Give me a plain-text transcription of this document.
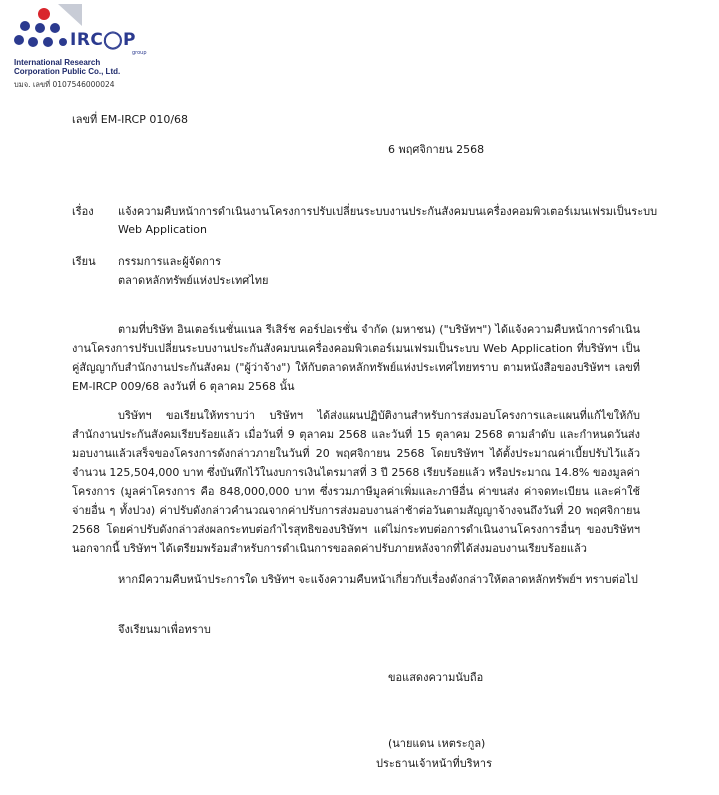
IRC◯P
group
International Research
Corporation Public Co., Ltd.
บมจ. เลขที่ 0107546000024
เลขที่ EM-IRCP 010/68
6 พฤศจิกายน 2568
เรื่อง แจ้งความคืบหน้าการดำเนินงานโครงการปรับเปลี่ยนระบบงานประกันสังคมบนเครื่องคอมพิวเตอร์เมนเฟรมเป็นระบบ
Web Application
เรียน กรรมการและผู้จัดการ
ตลาดหลักทรัพย์แห่งประเทศไทย
ตามที่บริษัท อินเตอร์เนชั่นแนล รีเสิร์ช คอร์ปอเรชั่น จำกัด (มหาชน) ("บริษัทฯ") ได้แจ้งความคืบหน้าการดำเนินงานโครงการปรับเปลี่ยนระบบงานประกันสังคมบนเครื่องคอมพิวเตอร์เมนเฟรมเป็นระบบ Web Application ที่บริษัทฯ เป็นคู่สัญญากับสำนักงานประกันสังคม ("ผู้ว่าจ้าง") ให้กับตลาดหลักทรัพย์แห่งประเทศไทยทราบ ตามหนังสือของบริษัทฯ เลขที่ EM-IRCP 009/68 ลงวันที่ 6 ตุลาคม 2568 นั้น
บริษัทฯ ขอเรียนให้ทราบว่า บริษัทฯ ได้ส่งแผนปฏิบัติงานสำหรับการส่งมอบโครงการและแผนที่แก้ไขให้กับสำนักงานประกันสังคมเรียบร้อยแล้ว เมื่อวันที่ 9 ตุลาคม 2568 และวันที่ 15 ตุลาคม 2568 ตามลำดับ และกำหนดวันส่งมอบงานแล้วเสร็จของโครงการดังกล่าวภายในวันที่ 20 พฤศจิกายน 2568 โดยบริษัทฯ ได้ตั้งประมาณค่าเบี้ยปรับไว้แล้วจำนวน 125,504,000 บาท ซึ่งบันทึกไว้ในงบการเงินไตรมาสที่ 3 ปี 2568 เรียบร้อยแล้ว หรือประมาณ 14.8% ของมูลค่าโครงการ (มูลค่าโครงการ คือ 848,000,000 บาท ซึ่งรวมภาษีมูลค่าเพิ่มและภาษีอื่น ค่าขนส่ง ค่าจดทะเบียน และค่าใช้จ่ายอื่น ๆ ทั้งปวง) ค่าปรับดังกล่าวคำนวณจากค่าปรับการส่งมอบงานล่าช้าต่อวันตามสัญญาจ้างจนถึงวันที่ 20 พฤศจิกายน 2568 โดยค่าปรับดังกล่าวส่งผลกระทบต่อกำไรสุทธิของบริษัทฯ แต่ไม่กระทบต่อการดำเนินงานโครงการอื่นๆ ของบริษัทฯ นอกจากนี้ บริษัทฯ ได้เตรียมพร้อมสำหรับการดำเนินการขอลดค่าปรับภายหลังจากที่ได้ส่งมอบงานเรียบร้อยแล้ว
หากมีความคืบหน้าประการใด บริษัทฯ จะแจ้งความคืบหน้าเกี่ยวกับเรื่องดังกล่าวให้ตลาดหลักทรัพย์ฯ ทราบต่อไป
จึงเรียนมาเพื่อทราบ
ขอแสดงความนับถือ
(นายแดน เหตระกูล)
ประธานเจ้าหน้าที่บริหาร
